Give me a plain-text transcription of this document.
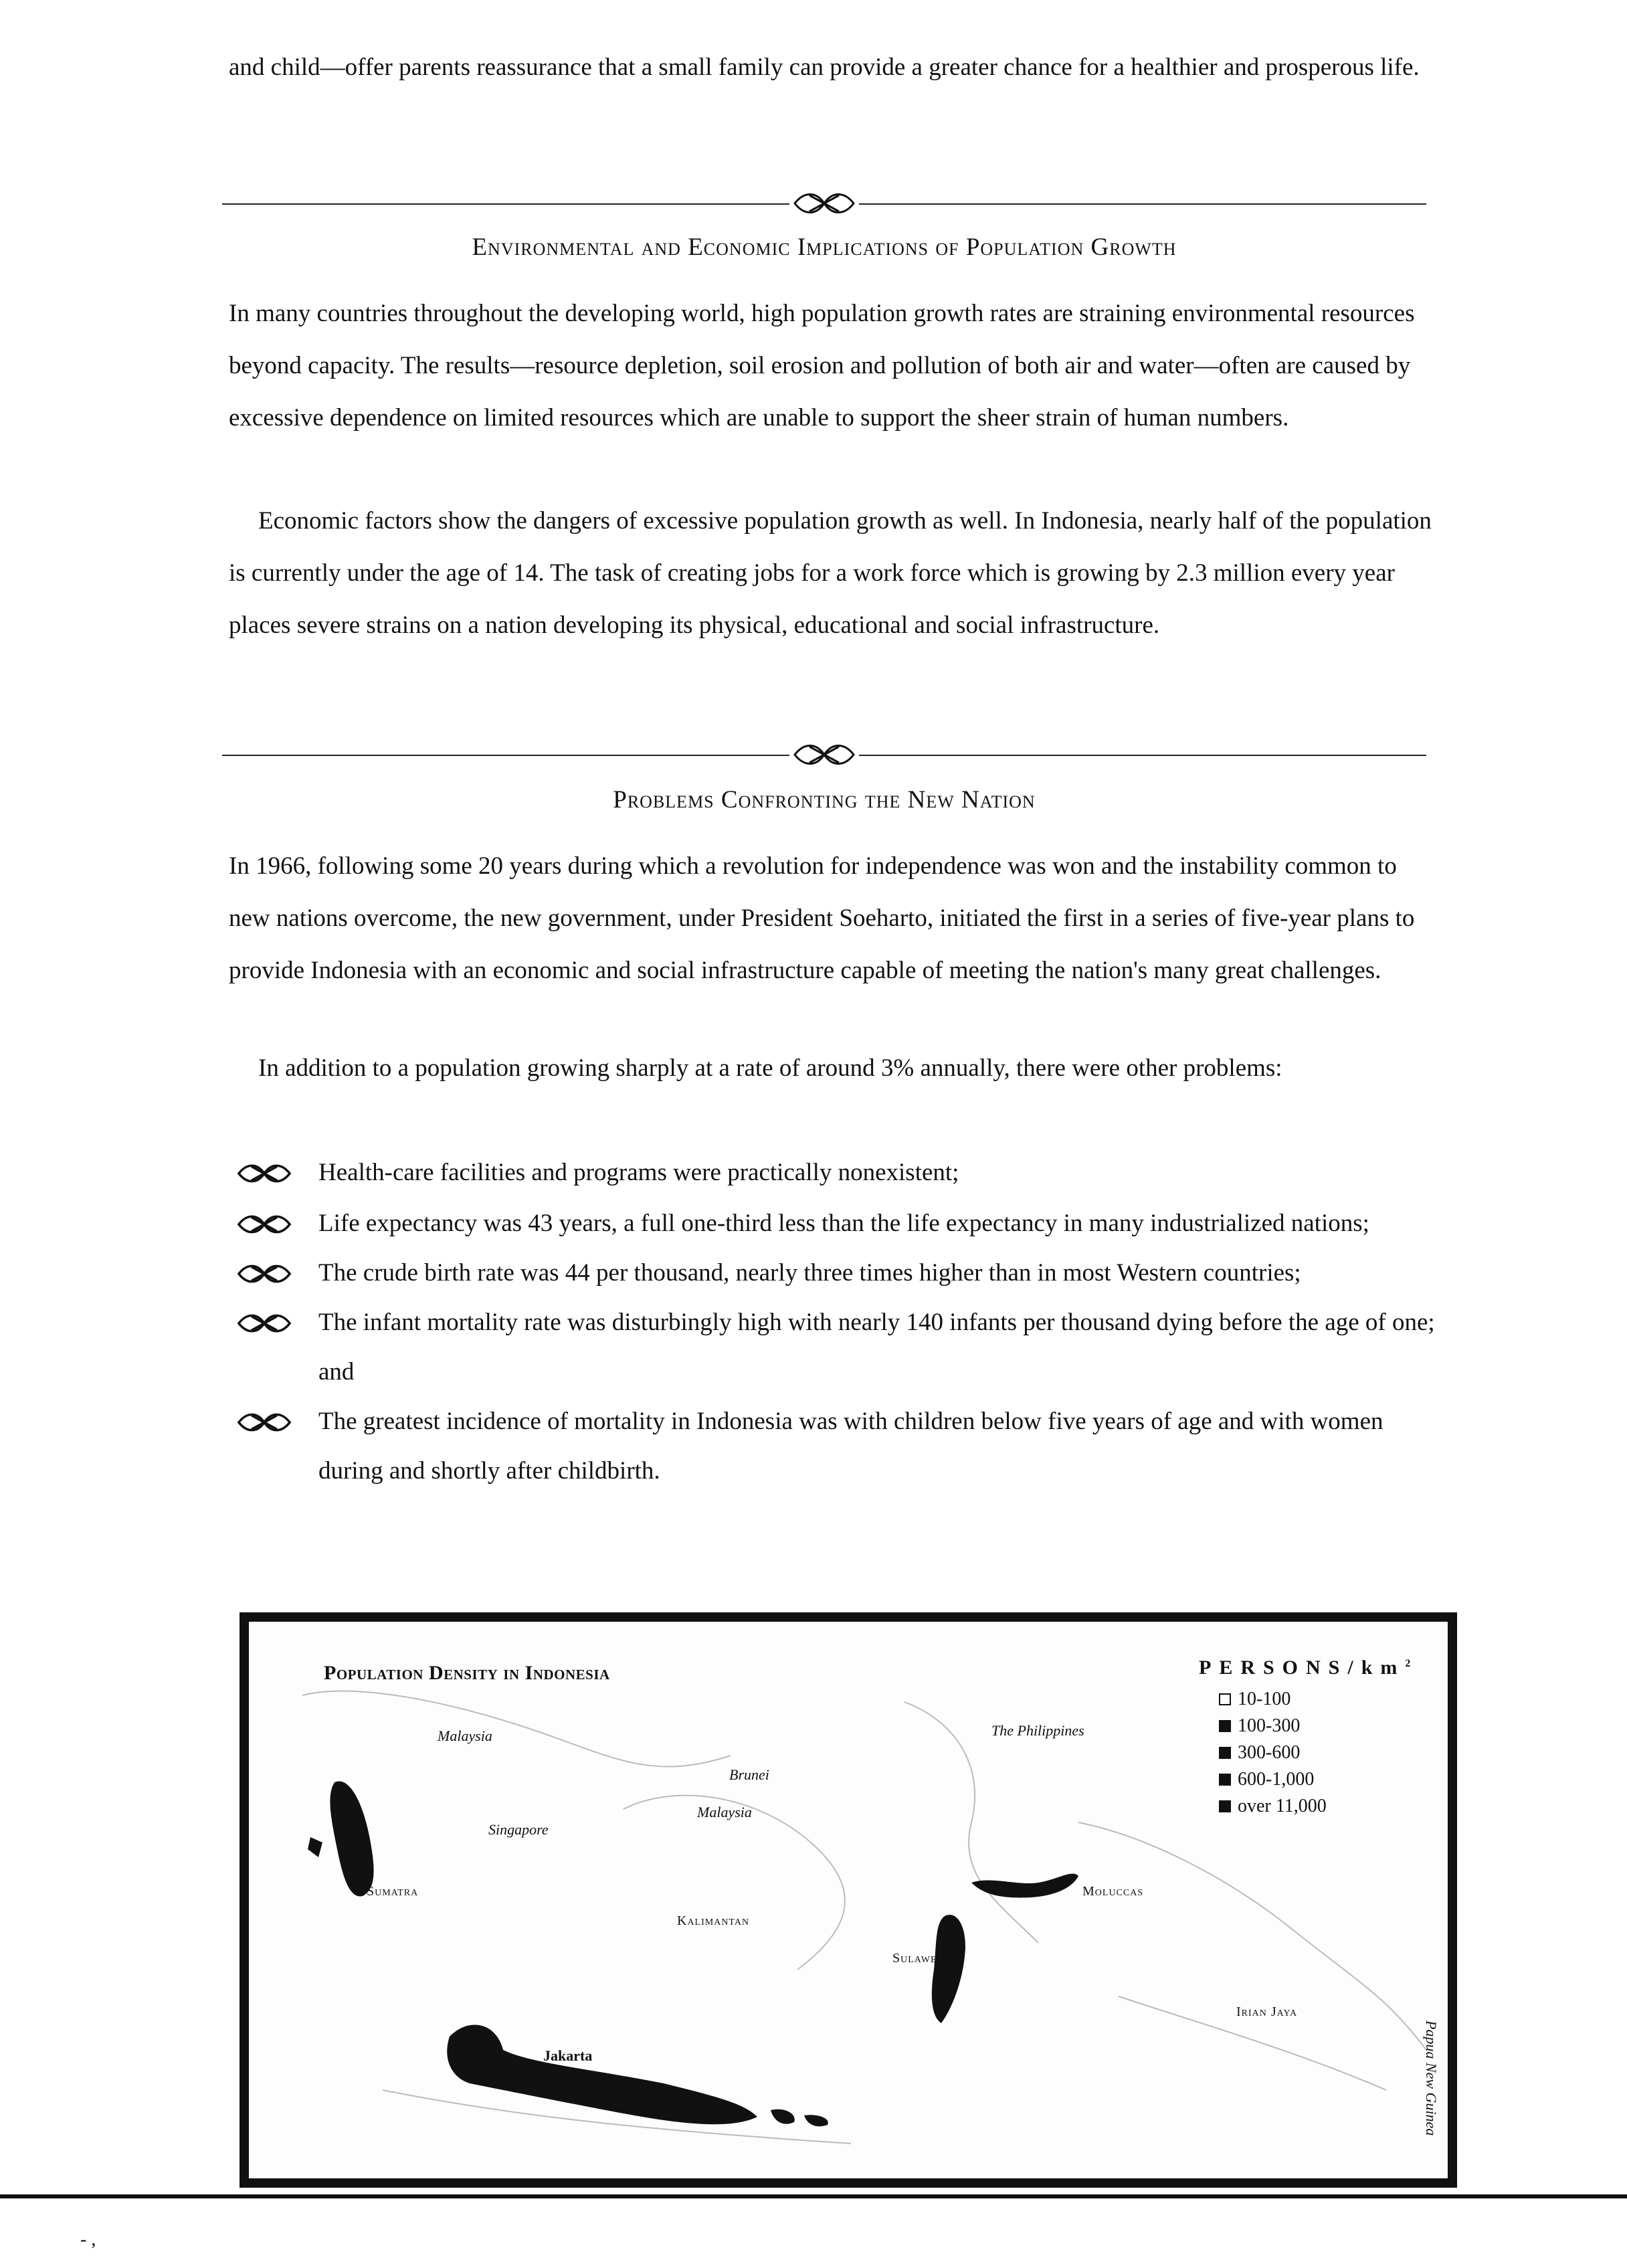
and child—offer parents reassurance that a small family can provide a greater chance for a healthier and prosperous life.

Environmental and Economic Implications of Population Growth

In many countries throughout the developing world, high population growth rates are straining environmental resources beyond capacity. The results—resource depletion, soil erosion and pollution of both air and water—often are caused by excessive dependence on limited resources which are unable to support the sheer strain of human numbers.

Economic factors show the dangers of excessive population growth as well. In Indonesia, nearly half of the population is currently under the age of 14. The task of creating jobs for a work force which is growing by 2.3 million every year places severe strains on a nation developing its physical, educational and social infrastructure.

Problems Confronting the New Nation

In 1966, following some 20 years during which a revolution for independence was won and the instability common to new nations overcome, the new government, under President Soeharto, initiated the first in a series of five-year plans to provide Indonesia with an economic and social infrastructure capable of meeting the nation's many great challenges.

In addition to a population growing sharply at a rate of around 3% annually, there were other problems:

Health-care facilities and programs were practically nonexistent;
Life expectancy was 43 years, a full one-third less than the life expectancy in many industrialized nations;
The crude birth rate was 44 per thousand, nearly three times higher than in most Western countries;
The infant mortality rate was disturbingly high with nearly 140 infants per thousand dying before the age of one; and
The greatest incidence of mortality in Indonesia was with children below five years of age and with women during and shortly after childbirth.
Population Density in Indonesia	PERSONS/$km^2$
10-100
100-300
300-600
600-1,000
over 11,000
Malaysia
Singapore
Sumatra
Brunei
Malaysia
Kalimantan
The Philippines
Moluccas
Sulawesi
Irian Jaya
Jakarta	Papua New Guinea
- ,
